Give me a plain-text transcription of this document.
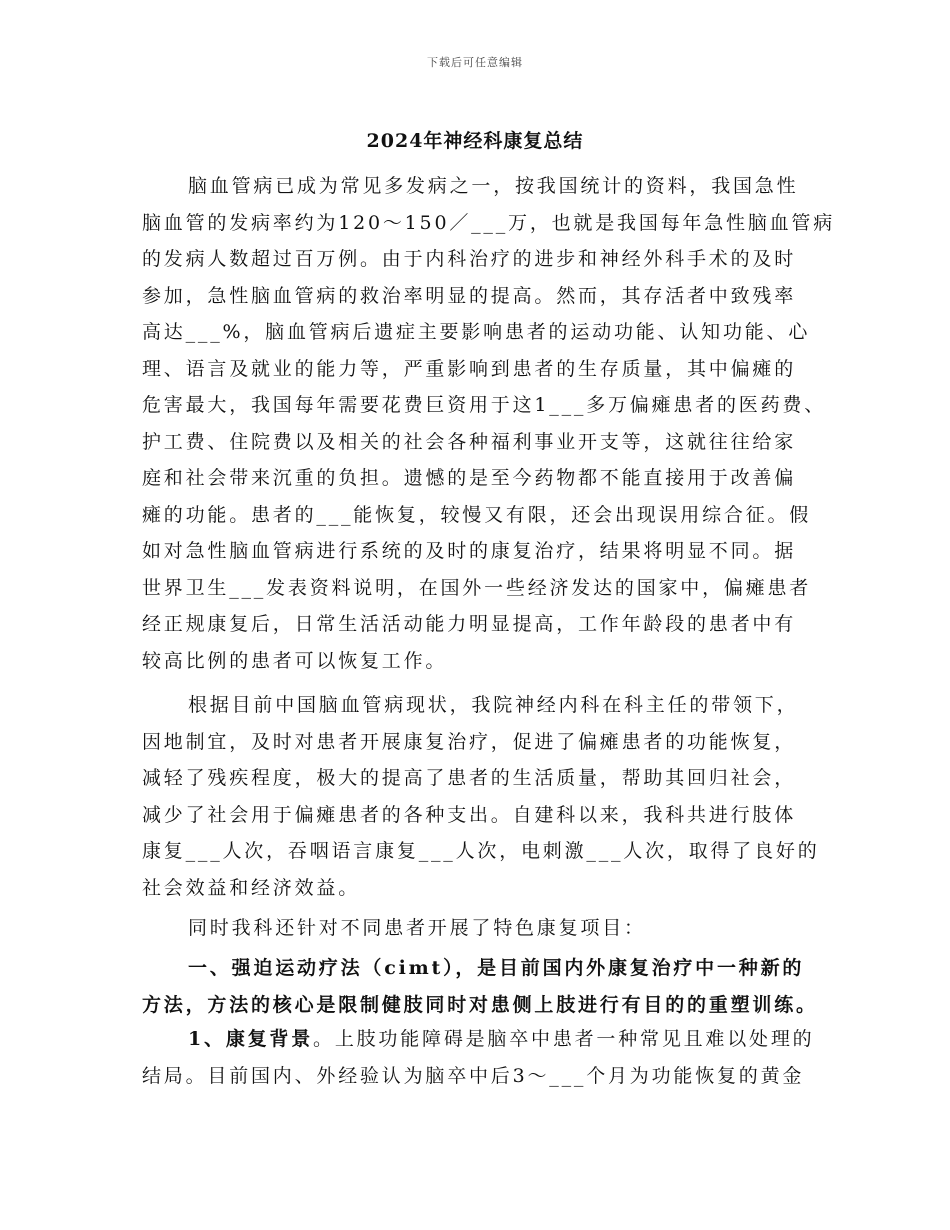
下载后可任意编辑
2024年神经科康复总结
脑血管病已成为常见多发病之一，按我国统计的资料，我国急性
脑血管的发病率约为120～150／___万，也就是我国每年急性脑血管病
的发病人数超过百万例。由于内科治疗的进步和神经外科手术的及时
参加，急性脑血管病的救治率明显的提高。然而，其存活者中致残率
高达___%，脑血管病后遗症主要影响患者的运动功能、认知功能、心
理、语言及就业的能力等，严重影响到患者的生存质量，其中偏瘫的
危害最大，我国每年需要花费巨资用于这1___多万偏瘫患者的医药费、
护工费、住院费以及相关的社会各种福利事业开支等，这就往往给家
庭和社会带来沉重的负担。遗憾的是至今药物都不能直接用于改善偏
瘫的功能。患者的___能恢复，较慢又有限，还会出现误用综合征。假
如对急性脑血管病进行系统的及时的康复治疗，结果将明显不同。据
世界卫生___发表资料说明，在国外一些经济发达的国家中，偏瘫患者
经正规康复后，日常生活活动能力明显提高，工作年龄段的患者中有
较高比例的患者可以恢复工作。
根据目前中国脑血管病现状，我院神经内科在科主任的带领下，
因地制宜，及时对患者开展康复治疗，促进了偏瘫患者的功能恢复，
减轻了残疾程度，极大的提高了患者的生活质量，帮助其回归社会，
减少了社会用于偏瘫患者的各种支出。自建科以来，我科共进行肢体
康复___人次，吞咽语言康复___人次，电刺激___人次，取得了良好的
社会效益和经济效益。
同时我科还针对不同患者开展了特色康复项目：
一、强迫运动疗法（cimt），是目前国内外康复治疗中一种新的
方法，方法的核心是限制健肢同时对患侧上肢进行有目的的重塑训练。
1、康复背景。上肢功能障碍是脑卒中患者一种常见且难以处理的
结局。目前国内、外经验认为脑卒中后3～___个月为功能恢复的黄金
